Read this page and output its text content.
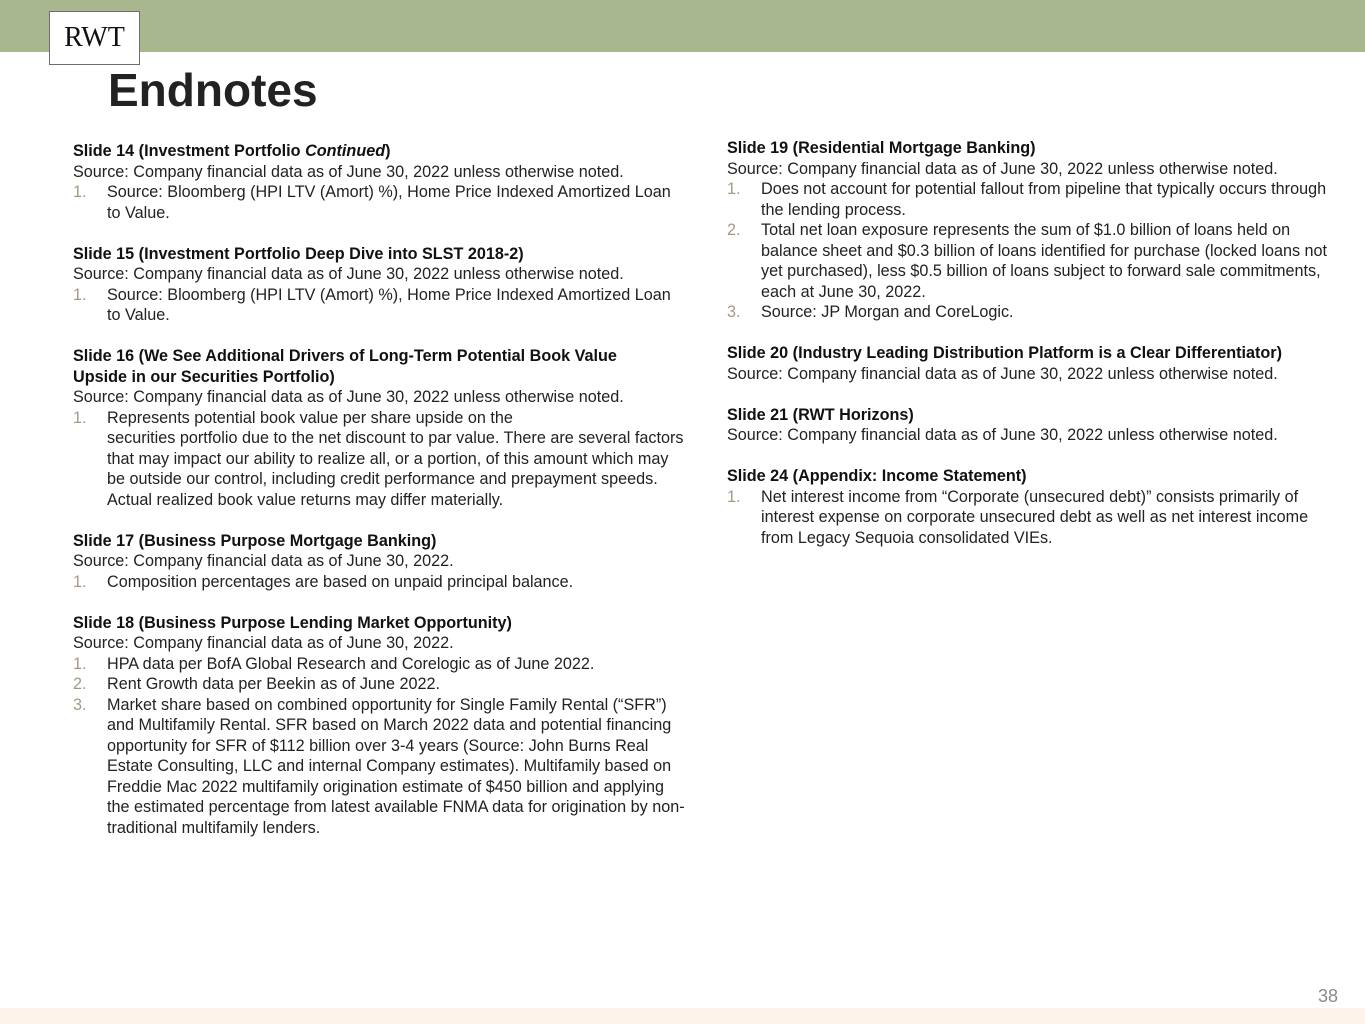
RWT
Endnotes
Slide 14 (Investment Portfolio Continued)
Source: Company financial data as of June 30, 2022 unless otherwise noted.
1.	Source: Bloomberg (HPI LTV (Amort) %), Home Price Indexed Amortized Loan to Value.
Slide 15 (Investment Portfolio Deep Dive into SLST 2018-2)
Source: Company financial data as of June 30, 2022 unless otherwise noted.
1.	Source: Bloomberg (HPI LTV (Amort) %), Home Price Indexed Amortized Loan to Value.
Slide 16 (We See Additional Drivers of Long-Term Potential Book Value Upside in our Securities Portfolio)
Source: Company financial data as of June 30, 2022 unless otherwise noted.
1.	Represents potential book value per share upside on the
securities portfolio due to the net discount to par value. There are several factors that may impact our ability to realize all, or a portion, of this amount which may be outside our control, including credit performance and prepayment speeds. Actual realized book value returns may differ materially.
Slide 17 (Business Purpose Mortgage Banking)
Source: Company financial data as of June 30, 2022.
1.	Composition percentages are based on unpaid principal balance.
Slide 18 (Business Purpose Lending Market Opportunity)
Source: Company financial data as of June 30, 2022.
1.	HPA data per BofA Global Research and Corelogic as of June 2022.
2.	Rent Growth data per Beekin as of June 2022.
3.	Market share based on combined opportunity for Single Family Rental (“SFR”) and Multifamily Rental. SFR based on March 2022 data and potential financing opportunity for SFR of $112 billion over 3-4 years (Source: John Burns Real Estate Consulting, LLC and internal Company estimates). Multifamily based on Freddie Mac 2022 multifamily origination estimate of $450 billion and applying the estimated percentage from latest available FNMA data for origination by non-traditional multifamily lenders.
Slide 19 (Residential Mortgage Banking)
Source: Company financial data as of June 30, 2022 unless otherwise noted.
1.	Does not account for potential fallout from pipeline that typically occurs through the lending process.
2.	Total net loan exposure represents the sum of $1.0 billion of loans held on balance sheet and $0.3 billion of loans identified for purchase (locked loans not yet purchased), less $0.5 billion of loans subject to forward sale commitments, each at June 30, 2022.
3.	Source: JP Morgan and CoreLogic.
Slide 20 (Industry Leading Distribution Platform is a Clear Differentiator)
Source: Company financial data as of June 30, 2022 unless otherwise noted.
Slide 21 (RWT Horizons)
Source: Company financial data as of June 30, 2022 unless otherwise noted.
Slide 24 (Appendix: Income Statement)
1.	Net interest income from “Corporate (unsecured debt)” consists primarily of interest expense on corporate unsecured debt as well as net interest income from Legacy Sequoia consolidated VIEs.
38
